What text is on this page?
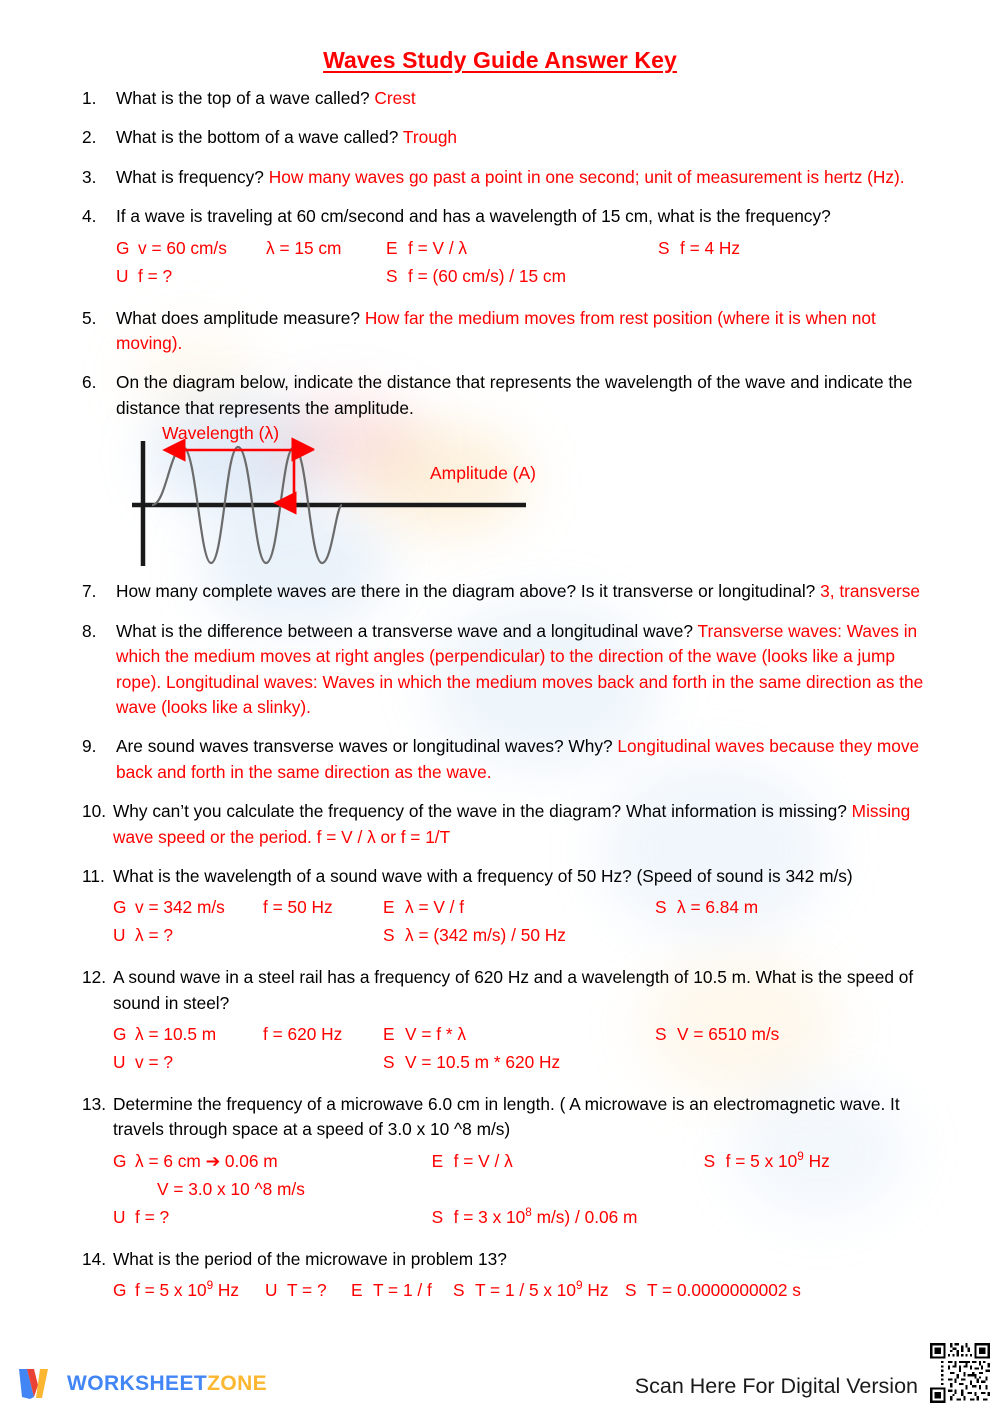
Waves Study Guide Answer Key
1.	What is the top of a wave called? Crest
2.	What is the bottom of a wave called? Trough
3.	What is frequency? How many waves go past a point in one second; unit of measurement is hertz (Hz).
4.	If a wave is traveling at 60 cm/second and has a wavelength of 15 cm, what is the frequency?
G	v = 60 cm/s	λ = 15 cm	E	f = V / λ	S	f = 4 Hz
U	f = ?		S	f = (60 cm/s) / 15 cm		
5.	What does amplitude measure? How far the medium moves from rest position (where it is when not moving).
6.	On the diagram below, indicate the distance that represents the wavelength of the wave and indicate the distance that represents the amplitude.
Wavelength (λ)
Amplitude (A)
7.	How many complete waves are there in the diagram above? Is it transverse or longitudinal? 3, transverse
8.	What is the difference between a transverse wave and a longitudinal wave? Transverse waves: Waves in which the medium moves at right angles (perpendicular) to the direction of the wave (looks like a jump rope). Longitudinal waves: Waves in which the medium moves back and forth in the same direction as the wave (looks like a slinky).
9.	Are sound waves transverse waves or longitudinal waves? Why? Longitudinal waves because they move back and forth in the same direction as the wave.
10. Why can’t you calculate the frequency of the wave in the diagram? What information is missing? Missing wave speed or the period. f = V / λ or f = 1/T
11. What is the wavelength of a sound wave with a frequency of 50 Hz? (Speed of sound is 342 m/s)
G	v = 342 m/s	f = 50 Hz	E	λ = V / f	S	λ = 6.84 m
U	λ = ?		S	λ = (342 m/s) / 50 Hz		
12. A sound wave in a steel rail has a frequency of 620 Hz and a wavelength of 10.5 m. What is the speed of sound in steel?
G	λ = 10.5 m	f = 620 Hz	E	V = f * λ	S	V = 6510 m/s
U	v = ?		S	V = 10.5 m * 620 Hz		
13. Determine the frequency of a microwave 6.0 cm in length. ( A microwave is an electromagnetic wave. It travels through space at a speed of 3.0 x 10 ^8 m/s)
G	λ = 6 cm ➔ 0.06 m	E	f = V / λ	S	f = 5 x $10^9$ Hz
	V = 3.0 x 10 ^8 m/s				
U	f = ?	S	f = 3 x $10^8$ m/s) / 0.06 m		
14. What is the period of the microwave in problem 13?
G	f = 5 x $10^9$ Hz	U	T = ?	E	T = 1 / f	S	T = 1 / 5 x $10^9$ Hz	S	T = 0.0000000002 s
WORKSHEETZONE	Scan Here For Digital Version
